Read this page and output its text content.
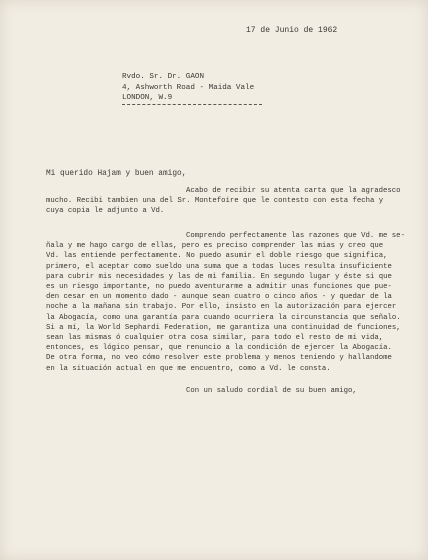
17 de Junio de 1962
Rvdo. Sr. Dr. GAON
4, Ashworth Road - Maida Vale
LONDON, W.9
Mi querido Hajam y buen amigo,
Acabo de recibir su atenta carta que la agradesco
mucho. Recibi tambien una del Sr. Montefoire que le contesto con esta fecha y
cuya copia le adjunto a Vd.
Comprendo perfectamente las razones que Vd. me se-
ñala y me hago cargo de ellas, pero es preciso comprender las mias y creo que
Vd. las entiende perfectamente. No puedo asumir el doble riesgo que significa,
primero, el aceptar como sueldo una suma que a todas luces resulta insuficiente
para cubrir mis necesidades y las de mi familia. En segundo lugar y éste si que
es un riesgo importante, no puedo aventurarme a admitir unas funciones que pue-
den cesar en un momento dado - aunque sean cuatro o cinco años - y quedar de la
noche a la mañana sin trabajo. Por ello, insisto en la autorización para ejercer
la Abogacía, como una garantía para cuando ocurriera la circunstancia que señalo.
Si a mí, la World Sephardi Federation, me garantiza una continuidad de funciones,
sean las mismas ó cualquier otra cosa similar, para todo el resto de mi vida,
entonces, es lógico pensar, que renuncio a la condición de ejercer la Abogacía.
De otra forma, no veo cómo resolver este problema y menos teniendo y hallandome
en la situación actual en que me encuentro, como a Vd. le consta.
Con un saludo cordial de su buen amigo,
